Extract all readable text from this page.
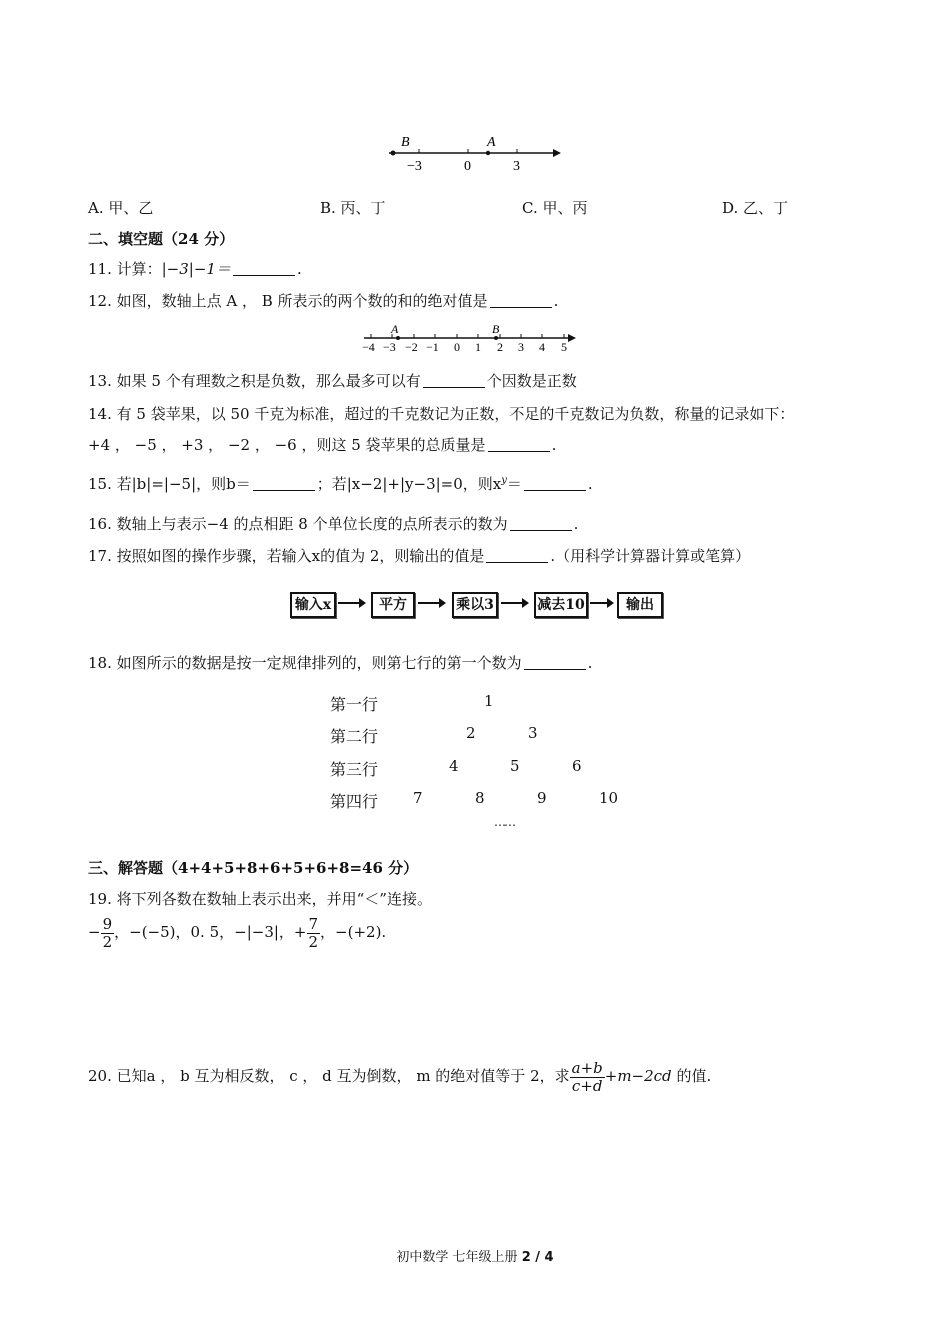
B	A
−3	0	3
A. 甲、乙	B. 丙、丁	C. 甲、丙	D. 乙、丁
二、填空题（24 分）
11. 计算：|−3|−1＝	.
12. 如图，数轴上点 A ， B 所表示的两个数的和的绝对值是	.
A	B
−4 −3 −2 −1 0 1 2 3 4 5
13. 如果 5 个有理数之积是负数，那么最多可以有	个因数是正数
14. 有 5 袋苹果，以 50 千克为标准，超过的千克数记为正数，不足的千克数记为负数，称量的记录如下：
+4 ， −5 ， +3 ， −2 ， −6 ，则这 5 袋苹果的总质量是	.
15. 若|b|=|−5|，则b＝	；若|x−2|+|y−3|=0，则$x^y=$	.
16. 数轴上与表示−4 的点相距 8 个单位长度的点所表示的数为	.
17. 按照如图的操作步骤，若输入x的值为 2，则输出的值是	.（用科学计算器计算或笔算）
输入x	平方	乘以3	减去10	输出
18. 如图所示的数据是按一定规律排列的，则第七行的第一个数为	.
第一行	1
第二行	2	3
第三行	4	5	6
第四行 7	8	9	10
……
三、解答题（4+4+5+8+6+5+6+8=46 分）
19. 将下列各数在数轴上表示出来，并用“＜”连接。
− $\frac{9}{2}$ ，−(−5)，0. 5，−|−3|，+ $\frac{7}{2}$ ，−(+2).
20. 已知a ， b 互为相反数， c ， d 互为倒数， m 的绝对值等于 2，求 $\frac{a+b}{c+d} +m-2cd$ 的值.
初中数学 七年级上册 2 / 4
